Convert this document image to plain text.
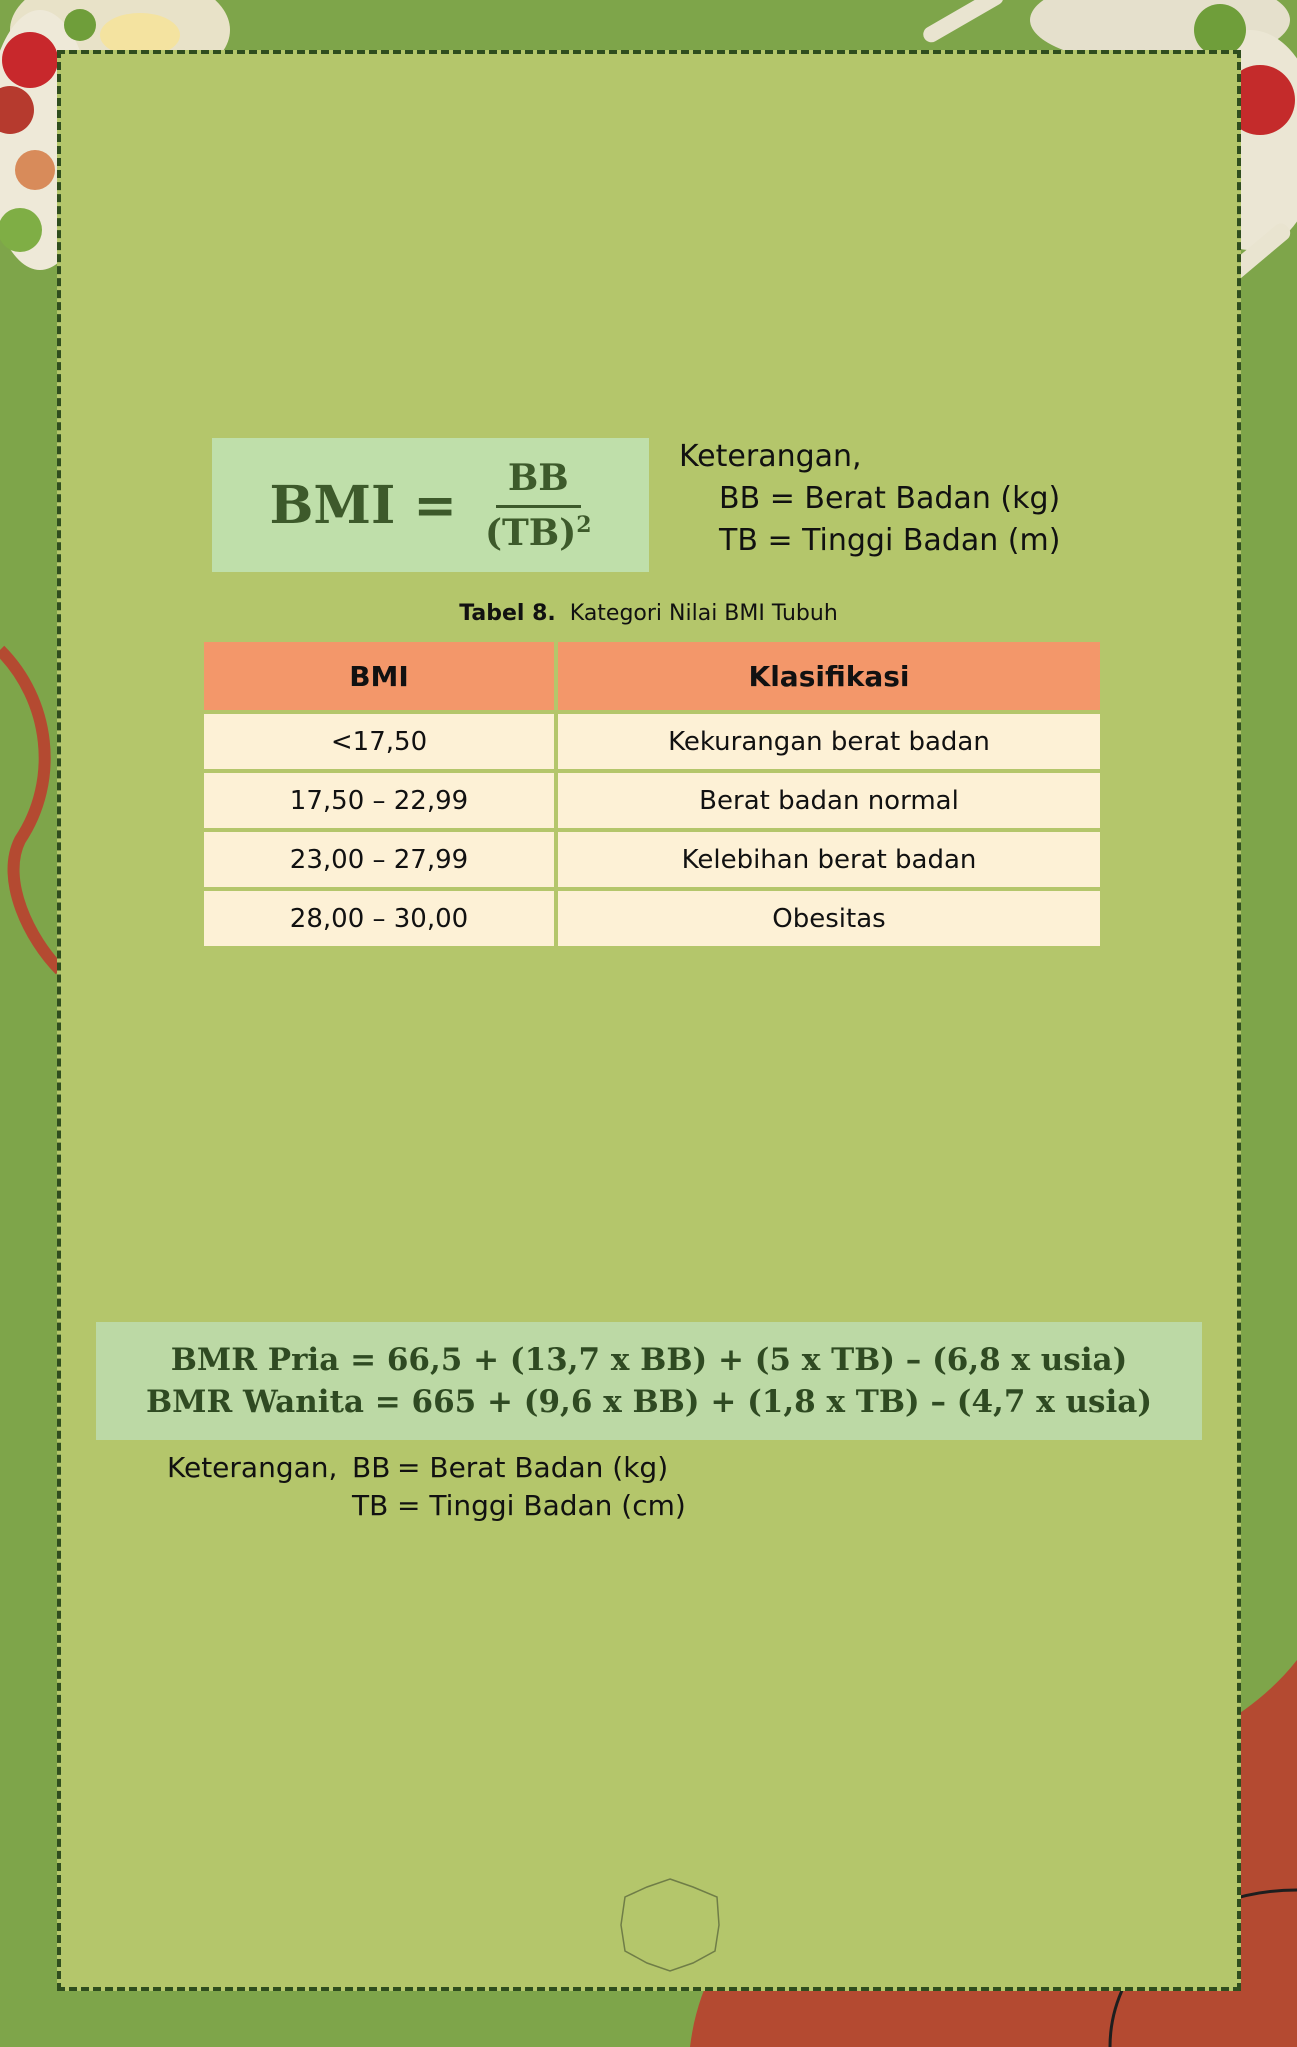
BMI = $\frac{BB}{(TB)^2}$	Keterangan,
BB = Berat Badan (kg)
TB = Tinggi Badan (m)
Tabel 8. Kategori Nilai BMI Tubuh
BMI	Klasifikasi
<17,50	Kekurangan berat badan
17,50 – 22,99	Berat badan normal
23,00 – 27,99	Kelebihan berat badan
28,00 – 30,00	Obesitas
BMR Pria = 66,5 + (13,7 x BB) + (5 x TB) – (6,8 x usia)
BMR Wanita = 665 + (9,6 x BB) + (1,8 x TB) – (4,7 x usia)
Keterangan, BB = Berat Badan (kg)
TB = Tinggi Badan (cm)
